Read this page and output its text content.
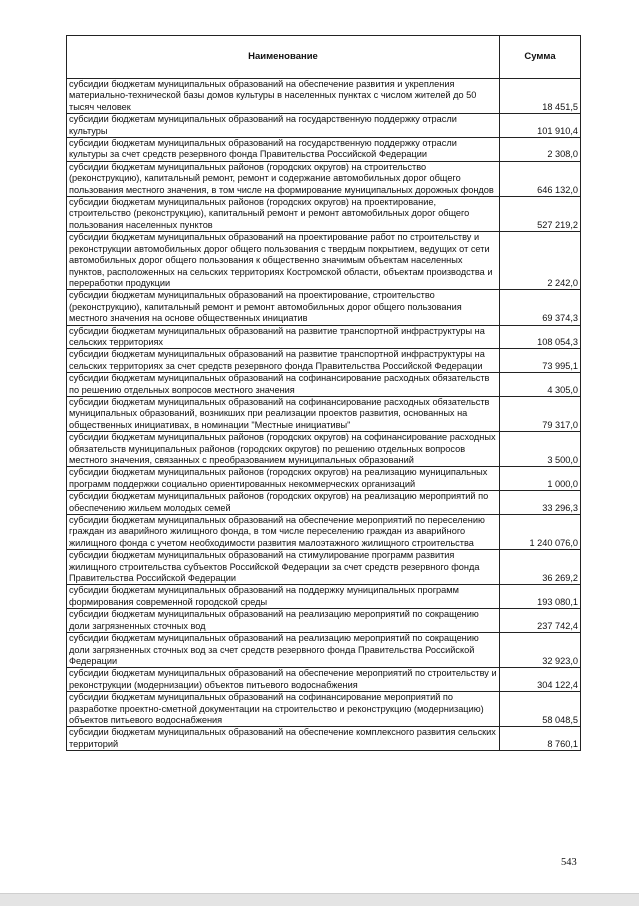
Наименование	Сумма
субсидии бюджетам муниципальных образований на обеспечение развития и укрепления материально-технической базы домов культуры в населенных пунктах с числом жителей до 50 тысяч человек	18 451,5
субсидии бюджетам муниципальных образований на государственную поддержку отрасли культуры	101 910,4
субсидии бюджетам муниципальных образований на государственную поддержку отрасли культуры за счет средств резервного фонда Правительства Российской Федерации	2 308,0
субсидии бюджетам муниципальных районов (городских округов) на строительство (реконструкцию), капитальный ремонт, ремонт и содержание автомобильных дорог общего пользования местного значения, в том числе на формирование муниципальных дорожных фондов	646 132,0
субсидии бюджетам муниципальных районов (городских округов) на проектирование, строительство (реконструкцию), капитальный ремонт и ремонт автомобильных дорог общего пользования населенных пунктов	527 219,2
субсидии бюджетам муниципальных образований на проектирование работ по строительству и реконструкции автомобильных дорог общего пользования с твердым покрытием, ведущих от сети автомобильных дорог общего пользования к общественно значимым объектам населенных пунктов, расположенных на сельских территориях Костромской области, объектам производства и переработки продукции	2 242,0
субсидии бюджетам муниципальных образований на проектирование, строительство (реконструкцию), капитальный ремонт и ремонт автомобильных дорог общего пользования местного значения на основе общественных инициатив	69 374,3
субсидии бюджетам муниципальных образований на развитие транспортной инфраструктуры на сельских территориях	108 054,3
субсидии бюджетам муниципальных образований на развитие транспортной инфраструктуры на сельских территориях за счет средств резервного фонда Правительства Российской Федерации	73 995,1
субсидии бюджетам муниципальных образований на софинансирование расходных обязательств по решению отдельных вопросов местного значения	4 305,0
субсидии бюджетам муниципальных образований на софинансирование расходных обязательств муниципальных образований, возникших при реализации проектов развития, основанных на общественных инициативах, в номинации "Местные инициативы"	79 317,0
субсидии бюджетам муниципальных районов (городских округов) на софинансирование расходных обязательств муниципальных районов (городских округов) по решению отдельных вопросов местного значения, связанных с преобразованием муниципальных образований	3 500,0
субсидии бюджетам муниципальных районов (городских округов) на реализацию муниципальных программ поддержки социально ориентированных некоммерческих организаций	1 000,0
субсидии бюджетам муниципальных районов (городских округов) на реализацию мероприятий по обеспечению жильем молодых семей	33 296,3
субсидии бюджетам муниципальных образований на обеспечение мероприятий по переселению граждан из аварийного жилищного фонда, в том числе переселению граждан из аварийного жилищного фонда с учетом необходимости развития малоэтажного жилищного строительства	1 240 076,0
субсидии бюджетам муниципальных образований на стимулирование программ развития жилищного строительства субъектов Российской Федерации за счет средств резервного фонда Правительства Российской Федерации	36 269,2
субсидии бюджетам муниципальных образований на поддержку муниципальных программ формирования современной городской среды	193 080,1
субсидии бюджетам муниципальных образований на реализацию мероприятий по сокращению доли загрязненных сточных вод	237 742,4
субсидии бюджетам муниципальных образований на реализацию мероприятий по сокращению доли загрязненных сточных вод за счет средств резервного фонда Правительства Российской Федерации	32 923,0
субсидии бюджетам муниципальных образований на обеспечение мероприятий по строительству и реконструкции (модернизации) объектов питьевого водоснабжения	304 122,4
субсидии бюджетам муниципальных образований на софинансирование мероприятий по разработке проектно-сметной документации на строительство и реконструкцию (модернизацию) объектов питьевого водоснабжения	58 048,5
субсидии бюджетам муниципальных образований на обеспечение комплексного развития сельских территорий	8 760,1
543
